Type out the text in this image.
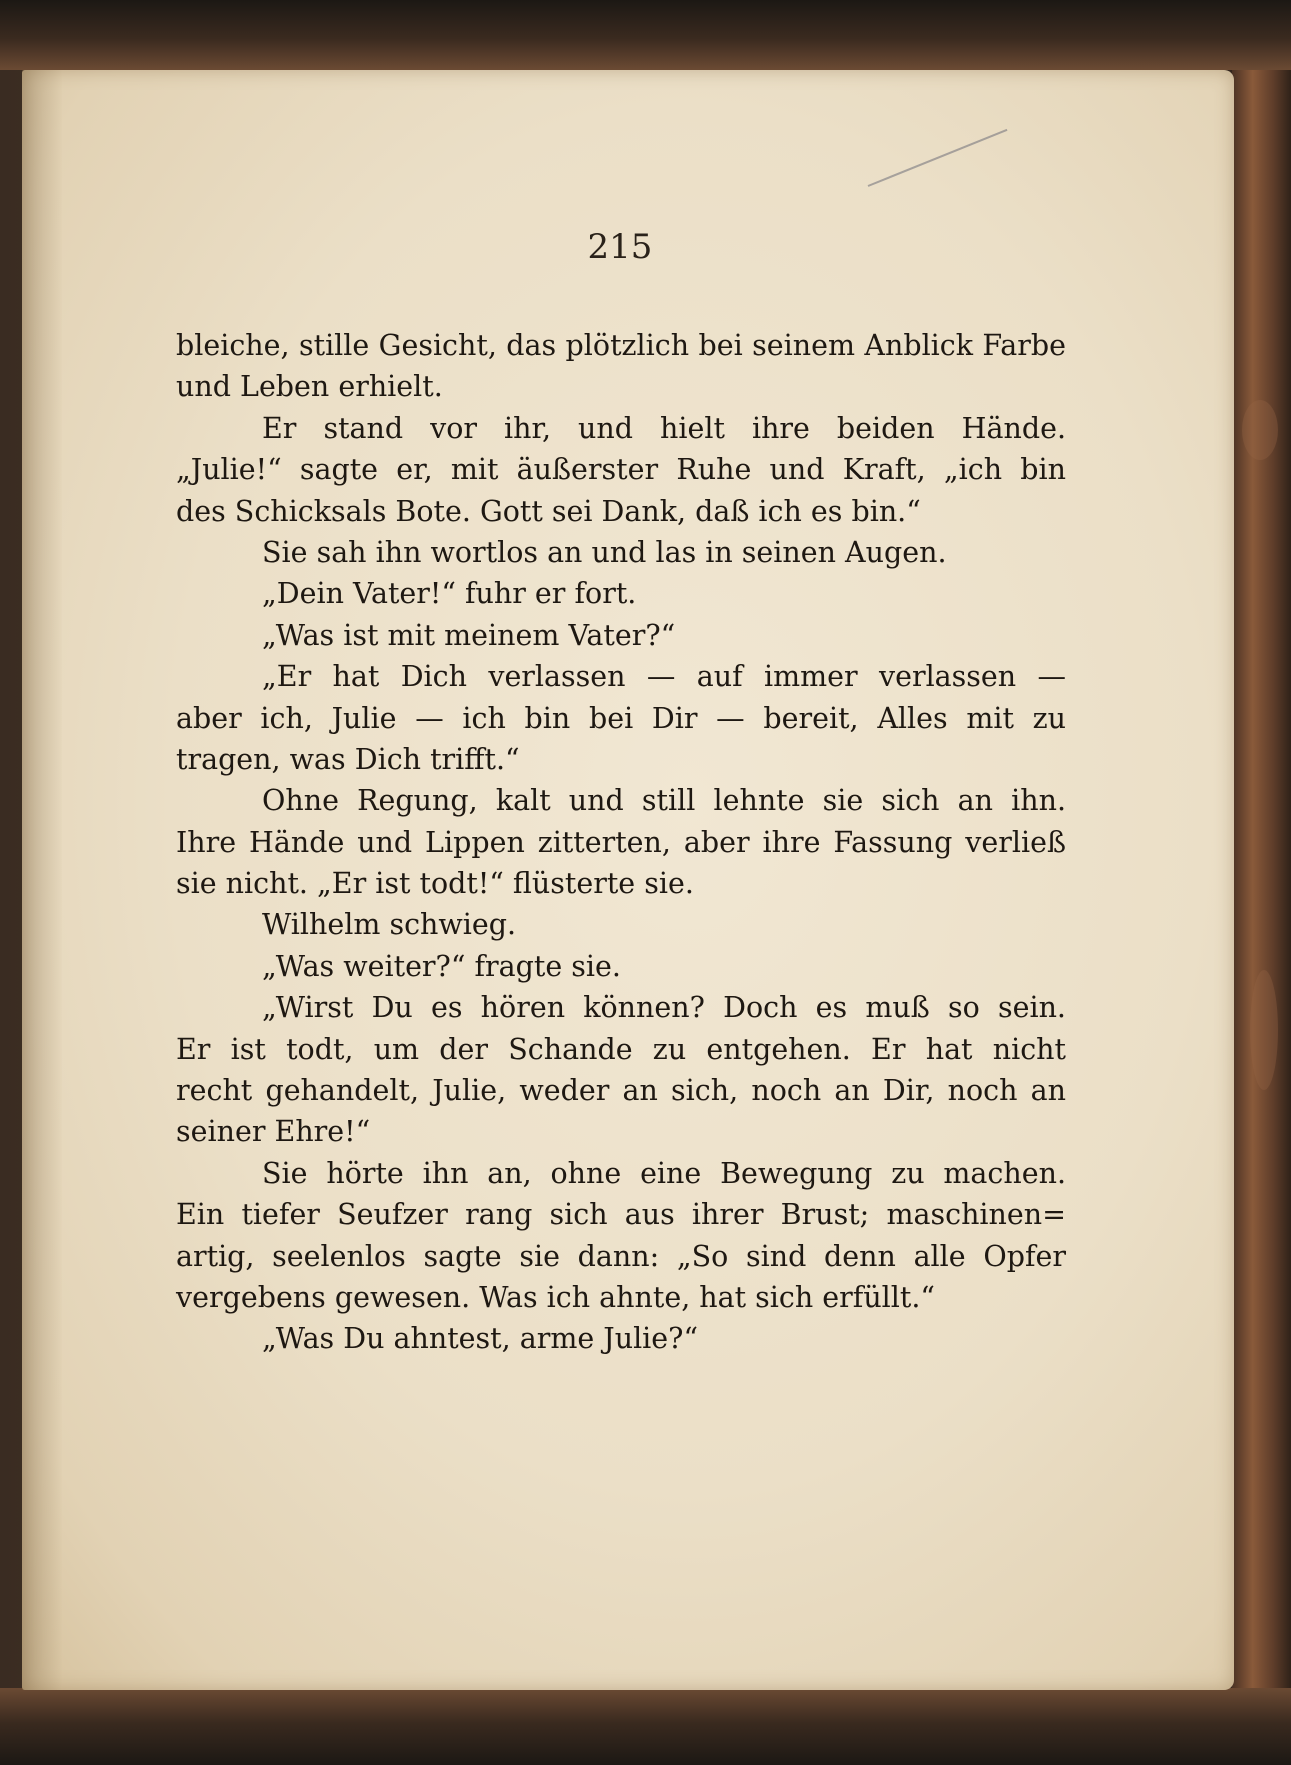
215

bleiche, stille Gesicht, das plötzlich bei seinem Anblick Farbe
und Leben erhielt.
Er stand vor ihr, und hielt ihre beiden Hände.
„Julie!“ sagte er, mit äußerster Ruhe und Kraft, „ich bin
des Schicksals Bote. Gott sei Dank, daß ich es bin.“
Sie sah ihn wortlos an und las in seinen Augen.
„Dein Vater!“ fuhr er fort.
„Was ist mit meinem Vater?“
„Er hat Dich verlassen — auf immer verlassen —
aber ich, Julie — ich bin bei Dir — bereit, Alles mit zu
tragen, was Dich trifft.“
Ohne Regung, kalt und still lehnte sie sich an ihn.
Ihre Hände und Lippen zitterten, aber ihre Fassung verließ
sie nicht. „Er ist todt!“ flüsterte sie.
Wilhelm schwieg.
„Was weiter?“ fragte sie.
„Wirst Du es hören können? Doch es muß so sein.
Er ist todt, um der Schande zu entgehen. Er hat nicht
recht gehandelt, Julie, weder an sich, noch an Dir, noch an
seiner Ehre!“
Sie hörte ihn an, ohne eine Bewegung zu machen.
Ein tiefer Seufzer rang sich aus ihrer Brust; maschinen=
artig, seelenlos sagte sie dann: „So sind denn alle Opfer
vergebens gewesen. Was ich ahnte, hat sich erfüllt.“
„Was Du ahntest, arme Julie?“
